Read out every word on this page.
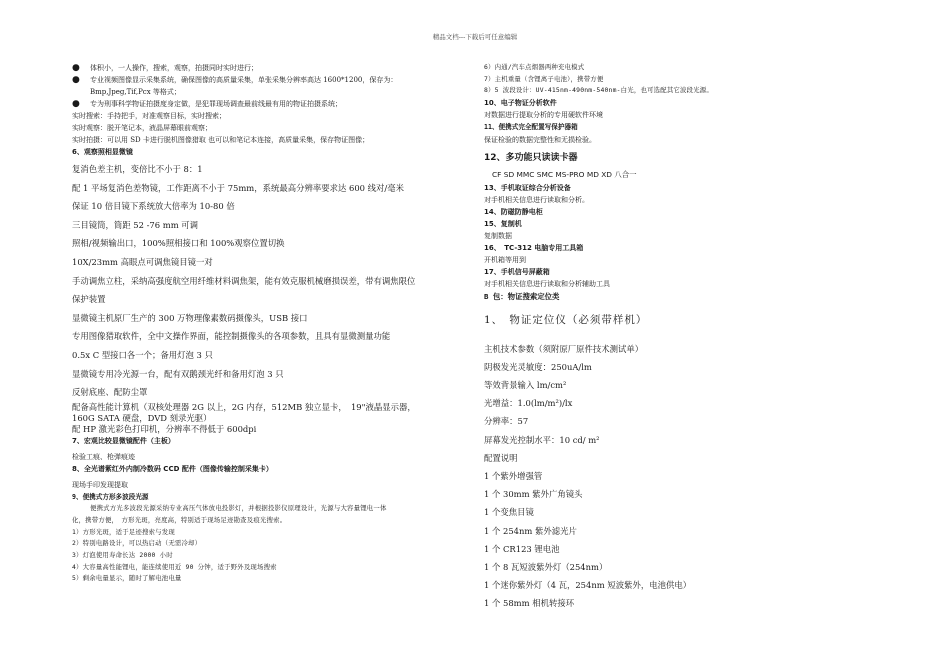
精品文档---下载后可任意编辑
● 体积小，一人操作，搜索，观察，拍摄同时实时进行；
● 专业视频图像显示采集系统，确保图像的高质量采集，单张采集分辨率高达 1600*1200，保存为：
Bmp,Jpeg,Tif,Pcx 等格式；
● 专为刑事科学物证拍摄度身定做，是犯罪现场调查最前线最有用的物证拍摄系统；
实时搜索：手持把手，对准观察目标，实时搜索；
实时观察：脱开笔记本，液晶屏幕眼前观察；
实时拍摄：可以用 SD 卡进行脱机图像猎取 也可以和笔记本连接，高质量采集，保存物证图像；
6、观察照相显微镜
复消色差主机，变倍比不小于 8：1
配 1 平场复消色差物镜，工作距离不小于 75mm，系统最高分辨率要求达 600 线对/毫米
保证 10 倍目镜下系统放大倍率为 10-80 倍
三目镜筒，筒距 52 -76 mm 可调
照相/视频输出口，100%照相接口和 100%观察位置切换
10X/23mm 高眼点可调焦镜目镜一对
手动调焦立柱，采纳高强度航空用纤维材料调焦架，能有效克服机械磨损误差，带有调焦限位
保护装置
显微镜主机原厂生产的 300 万物理像素数码摄像头，USB 接口
专用图像猎取软件，全中文操作界面，能控制摄像头的各项参数，且具有显微测量功能
0.5x C 型接口各一个；备用灯泡 3 只
显微镜专用冷光源一台，配有双鹅颈光纤和备用灯泡 3 只
反射底座、配防尘罩
配备高性能计算机（双核处理器 2G 以上，2G 内存，512MB 独立显卡，　19"液晶显示器，
160G SATA 硬盘，DVD 刻录光驱）
配 HP 激光彩色打印机，分辨率不得低于 600dpi
7、宏观比较显微镜配件（主板）
检验工痕、枪弹痕迹
8、全光谱紫红外内制冷数码 CCD 配件（图像传输控制采集卡）
现场手印发现提取
9、便携式方形多波段光源
便携式方光多波段光源采纳专业高压气体放电投影灯，并根据投影仪原理设计，光源与大容量锂电一体
化，携带方便，　方形光斑，亮度高，特别适于现场足迹勘查及痕光搜索。
1）方形光斑，适于足迹搜索与发现
2）特别电路设计，可以热启动（无需冷却）
3）灯泡使用寿命长达 2000 小时
4）大容量高性能锂电，能连续使用近 90 分钟，适于野外及现场搜索
5）剩余电量显示，随时了解电池电量
6）内通/汽车点烟器两种充电模式
7）主机重量（含锂离子电池），携带方便
8）5 波段设计：UV-415nm-490nm-540nm-白光，也可选配其它波段光源。
10、电子物证分析软件
对数据进行提取分析的专用硬软件环境
11、便携式完全配置写保护器箱
保证检验的数据完整性和无损检验。
12、多功能只读读卡器
CF SD MMC SMC MS-PRO MD XD 八合一
13、手机取证综合分析设备
对手机相关信息进行读取和分析。
14、防磁防静电柜
15、复制机
复制数据
16、　TC-312 电脑专用工具箱
开机箱等用到
17、手机信号屏蔽箱
对手机相关信息进行读取和分析辅助工具
B 包：物证搜索定位类
1、　物证定位仪（必须带样机）
主机技术参数（须附原厂原件技术测试单）
阴极发光灵敏度：250uA/lm
等效背景输入 lm/cm²
光增益：1.0(lm/m²)/lx
分辨率：57
屏幕发光控制水平：10 cd/ m²
配置说明
1 个紫外增强管
1 个 30mm 紫外广角镜头
1 个变焦目镜
1 个 254nm 紫外滤光片
1 个 CR123 锂电池
1 个 8 瓦短波紫外灯（254nm）
1 个迷你紫外灯（4 瓦，254nm 短波紫外，电池供电）
1 个 58mm 相机转接环
